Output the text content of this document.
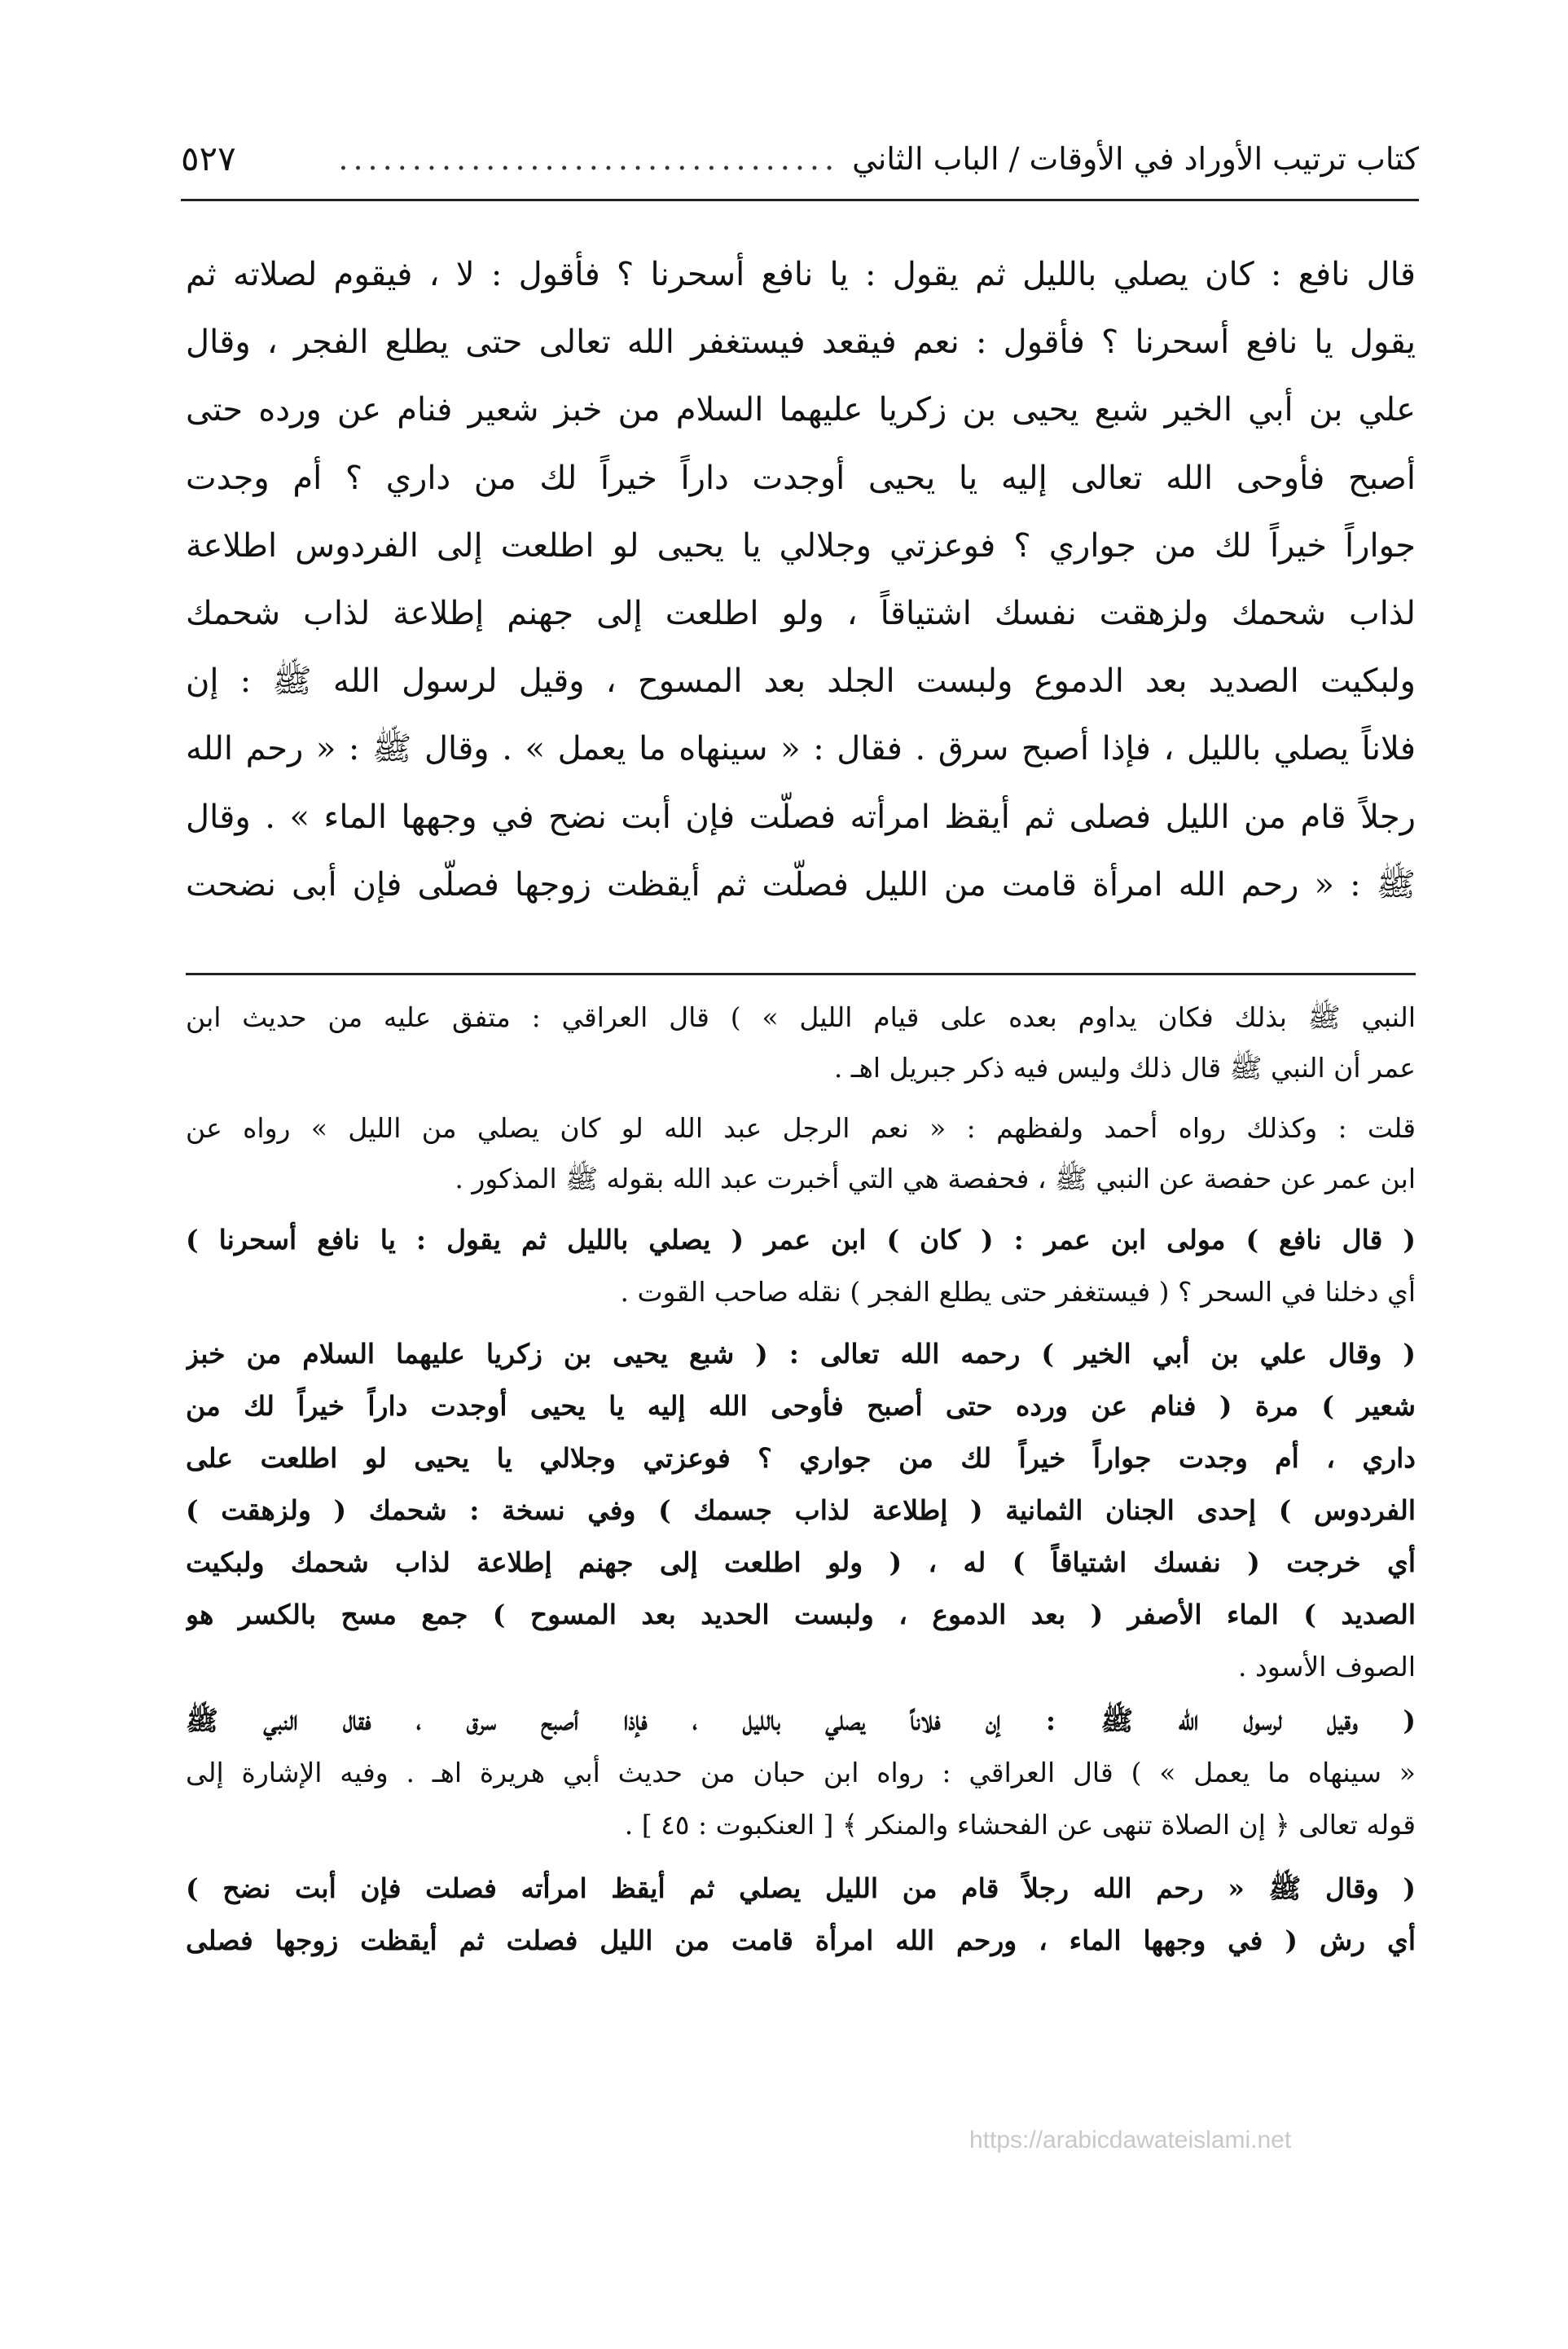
كتاب ترتيب الأوراد في الأوقات / الباب الثاني
..................................
٥٢٧
قال نافع : كان يصلي بالليل ثم يقول : يا نافع أسحرنا ؟ فأقول : لا ، فيقوم لصلاته ثم
يقول يا نافع أسحرنا ؟ فأقول : نعم فيقعد فيستغفر الله تعالى حتى يطلع الفجر ، وقال
علي بن أبي الخير شبع يحيى بن زكريا عليهما السلام من خبز شعير فنام عن ورده حتى
أصبح فأوحى الله تعالى إليه يا يحيى أوجدت داراً خيراً لك من داري ؟ أم وجدت
جواراً خيراً لك من جواري ؟ فوعزتي وجلالي يا يحيى لو اطلعت إلى الفردوس اطلاعة
لذاب شحمك ولزهقت نفسك اشتياقاً ، ولو اطلعت إلى جهنم إطلاعة لذاب شحمك
ولبكيت الصديد بعد الدموع ولبست الجلد بعد المسوح ، وقيل لرسول الله ﷺ : إن
فلاناً يصلي بالليل ، فإذا أصبح سرق . فقال : « سينهاه ما يعمل » . وقال ﷺ : « رحم الله
رجلاً قام من الليل فصلى ثم أيقظ امرأته فصلّت فإن أبت نضح في وجهها الماء » . وقال
ﷺ : « رحم الله امرأة قامت من الليل فصلّت ثم أيقظت زوجها فصلّى فإن أبى نضحت
النبي ﷺ بذلك فكان يداوم بعده على قيام الليل » ) قال العراقي : متفق عليه من حديث ابن
عمر أن النبي ﷺ قال ذلك وليس فيه ذكر جبريل اهـ .
قلت : وكذلك رواه أحمد ولفظهم : « نعم الرجل عبد الله لو كان يصلي من الليل » رواه عن
ابن عمر عن حفصة عن النبي ﷺ ، فحفصة هي التي أخبرت عبد الله بقوله ﷺ المذكور .
( قال نافع ) مولى ابن عمر : ( كان ) ابن عمر ( يصلي بالليل ثم يقول : يا نافع أسحرنا )
أي دخلنا في السحر ؟ ( فيستغفر حتى يطلع الفجر ) نقله صاحب القوت .
( وقال علي بن أبي الخير ) رحمه الله تعالى : ( شبع يحيى بن زكريا عليهما السلام من خبز
شعير ) مرة ( فنام عن ورده حتى أصبح فأوحى الله إليه يا يحيى أوجدت داراً خيراً لك من
داري ، أم وجدت جواراً خيراً لك من جواري ؟ فوعزتي وجلالي يا يحيى لو اطلعت على
الفردوس ) إحدى الجنان الثمانية ( إطلاعة لذاب جسمك ) وفي نسخة : شحمك ( ولزهقت )
أي خرجت ( نفسك اشتياقاً ) له ، ( ولو اطلعت إلى جهنم إطلاعة لذاب شحمك ولبكيت
الصديد ) الماء الأصفر ( بعد الدموع ، ولبست الحديد بعد المسوح ) جمع مسح بالكسر هو
الصوف الأسود .
( وقيل لرسول الله ﷺ : إن فلاناً يصلي بالليل ، فإذا أصبح سرق ، فقال النبي ﷺ
« سينهاه ما يعمل » ) قال العراقي : رواه ابن حبان من حديث أبي هريرة اهـ . وفيه الإشارة إلى
قوله تعالى ﴿ إن الصلاة تنهى عن الفحشاء والمنكر ﴾ [ العنكبوت : ٤٥ ] .
( وقال ﷺ « رحم الله رجلاً قام من الليل يصلي ثم أيقظ امرأته فصلت فإن أبت نضح )
أي رش ( في وجهها الماء ، ورحم الله امرأة قامت من الليل فصلت ثم أيقظت زوجها فصلى
https://arabicdawateislami.net
